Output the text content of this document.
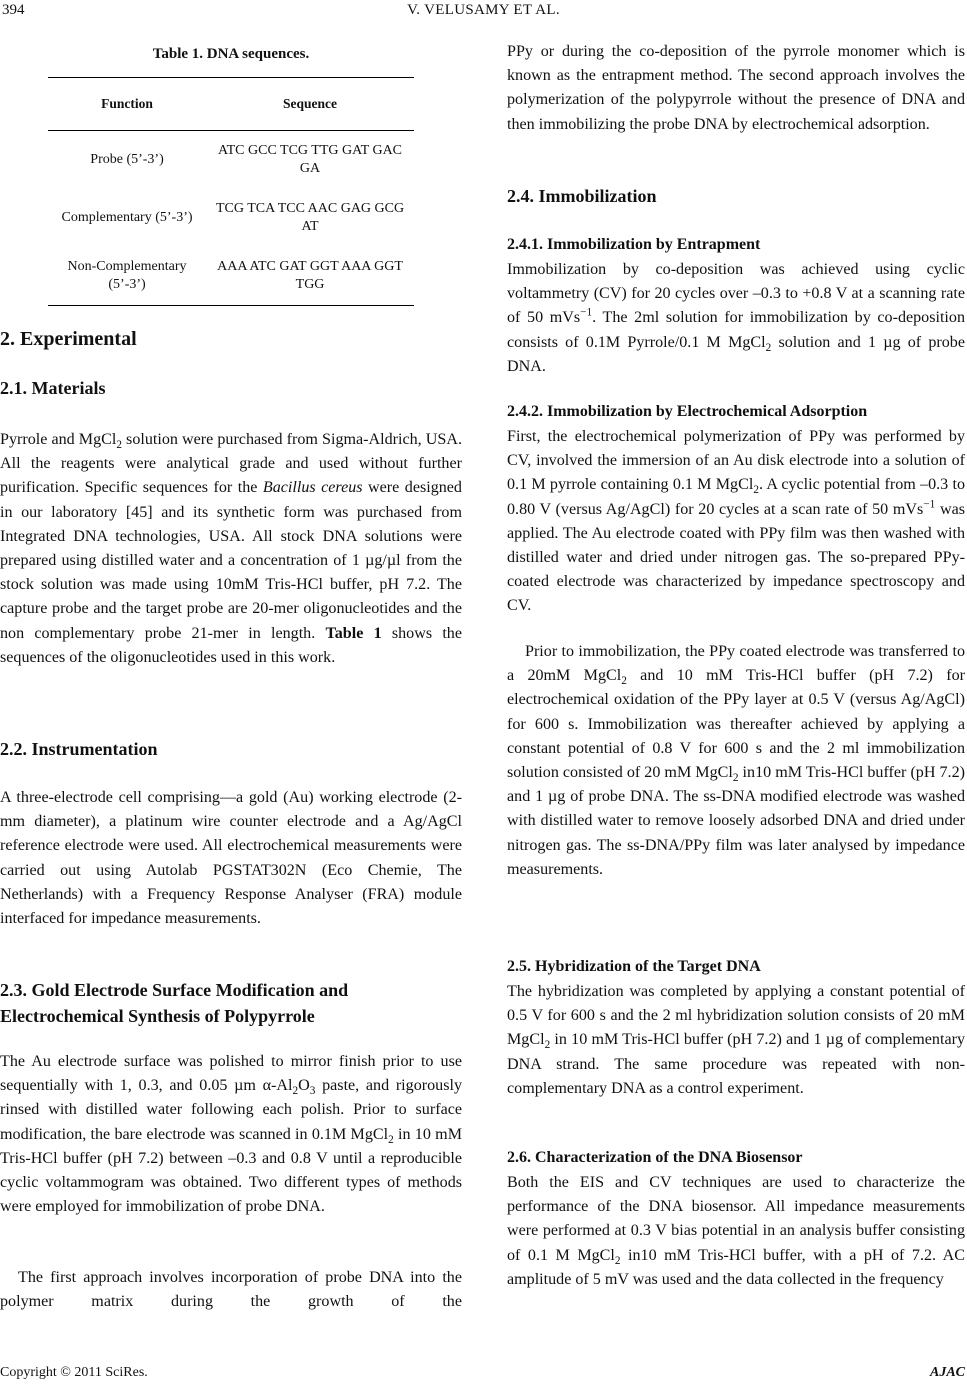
394	V. VELUSAMY ET AL.
Table 1. DNA sequences.
Function	Sequence
Probe (5’-3’)	ATC GCC TCG TTG GAT GAC GA
Complementary (5’-3’)	TCG TCA TCC AAC GAG GCG AT
Non-Complementary (5’-3’)	AAA ATC GAT GGT AAA GGT TGG
2. Experimental
2.1. Materials

Pyrrole and MgCl$_2$ solution were purchased from Sigma-Aldrich, USA. All the reagents were analytical grade and used without further purification. Specific sequences for the Bacillus cereus were designed in our laboratory [45] and its synthetic form was purchased from Integrated DNA technologies, USA. All stock DNA solutions were prepared using distilled water and a concentration of 1 µg/µl from the stock solution was made using 10mM Tris-HCl buffer, pH 7.2. The capture probe and the target probe are 20-mer oligonucleotides and the non complementary probe 21-mer in length. Table 1 shows the sequences of the oligonucleotides used in this work.

2.2. Instrumentation

A three-electrode cell comprising—a gold (Au) working electrode (2-mm diameter), a platinum wire counter electrode and a Ag/AgCl reference electrode were used. All electrochemical measurements were carried out using Autolab PGSTAT302N (Eco Chemie, The Netherlands) with a Frequency Response Analyser (FRA) module interfaced for impedance measurements.

2.3. Gold Electrode Surface Modification and Electrochemical Synthesis of Polypyrrole

The Au electrode surface was polished to mirror finish prior to use sequentially with 1, 0.3, and 0.05 µm $\alpha-Al_2O_3$ paste, and rigorously rinsed with distilled water following each polish. Prior to surface modification, the bare electrode was scanned in 0.1M MgCl$_2$ in 10 mM Tris-HCl buffer (pH 7.2) between –0.3 and 0.8 V until a reproducible cyclic voltammogram was obtained. Two different types of methods were employed for immobilization of probe DNA.

The first approach involves incorporation of probe DNA into the polymer matrix during the growth of the

2.4. Immobilization
2.4.1. Immobilization by Entrapment

Immobilization by co-deposition was achieved using cyclic voltammetry (CV) for 20 cycles over –0.3 to +0.8 V at a scanning rate of 50 mVs$^{-1}$. The 2ml solution for immobilization by co-deposition consists of 0.1M Pyrrole/0.1 M MgCl$_2$ solution and 1 µg of probe DNA.

2.4.2. Immobilization by Electrochemical Adsorption

First, the electrochemical polymerization of PPy was performed by CV, involved the immersion of an Au disk electrode into a solution of 0.1 M pyrrole containing 0.1 M MgCl$_2$. A cyclic potential from –0.3 to 0.80 V (versus Ag/AgCl) for 20 cycles at a scan rate of 50 mVs$^{-1}$ was applied. The Au electrode coated with PPy film was then washed with distilled water and dried under nitrogen gas. The so-prepared PPy-coated electrode was characterized by impedance spectroscopy and CV.

Prior to immobilization, the PPy coated electrode was transferred to a 20mM MgCl$_2$ and 10 mM Tris-HCl buffer (pH 7.2) for electrochemical oxidation of the PPy layer at 0.5 V (versus Ag/AgCl) for 600 s. Immobilization was thereafter achieved by applying a constant potential of 0.8 V for 600 s and the 2 ml immobilization solution consisted of 20 mM MgCl$_2$ in10 mM Tris-HCl buffer (pH 7.2) and 1 µg of probe DNA. The ss-DNA modified electrode was washed with distilled water to remove loosely adsorbed DNA and dried under nitrogen gas. The ss-DNA/PPy film was later analysed by impedance measurements.

2.5. Hybridization of the Target DNA

The hybridization was completed by applying a constant potential of 0.5 V for 600 s and the 2 ml hybridization solution consists of 20 mM MgCl$_2$ in 10 mM Tris-HCl buffer (pH 7.2) and 1 µg of complementary DNA strand. The same procedure was repeated with non-complementary DNA as a control experiment.

2.6. Characterization of the DNA Biosensor

Both the EIS and CV techniques are used to characterize the performance of the DNA biosensor. All impedance measurements were performed at 0.3 V bias potential in an analysis buffer consisting of 0.1 M MgCl$_2$ in10 mM Tris-HCl buffer, with a pH of 7.2. AC amplitude of 5 mV was used and the data collected in the frequency

PPy or during the co-deposition of the pyrrole monomer which is known as the entrapment method. The second approach involves the polymerization of the polypyrrole without the presence of DNA and then immobilizing the probe DNA by electrochemical adsorption.

Copyright © 2011 SciRes.	AJAC
